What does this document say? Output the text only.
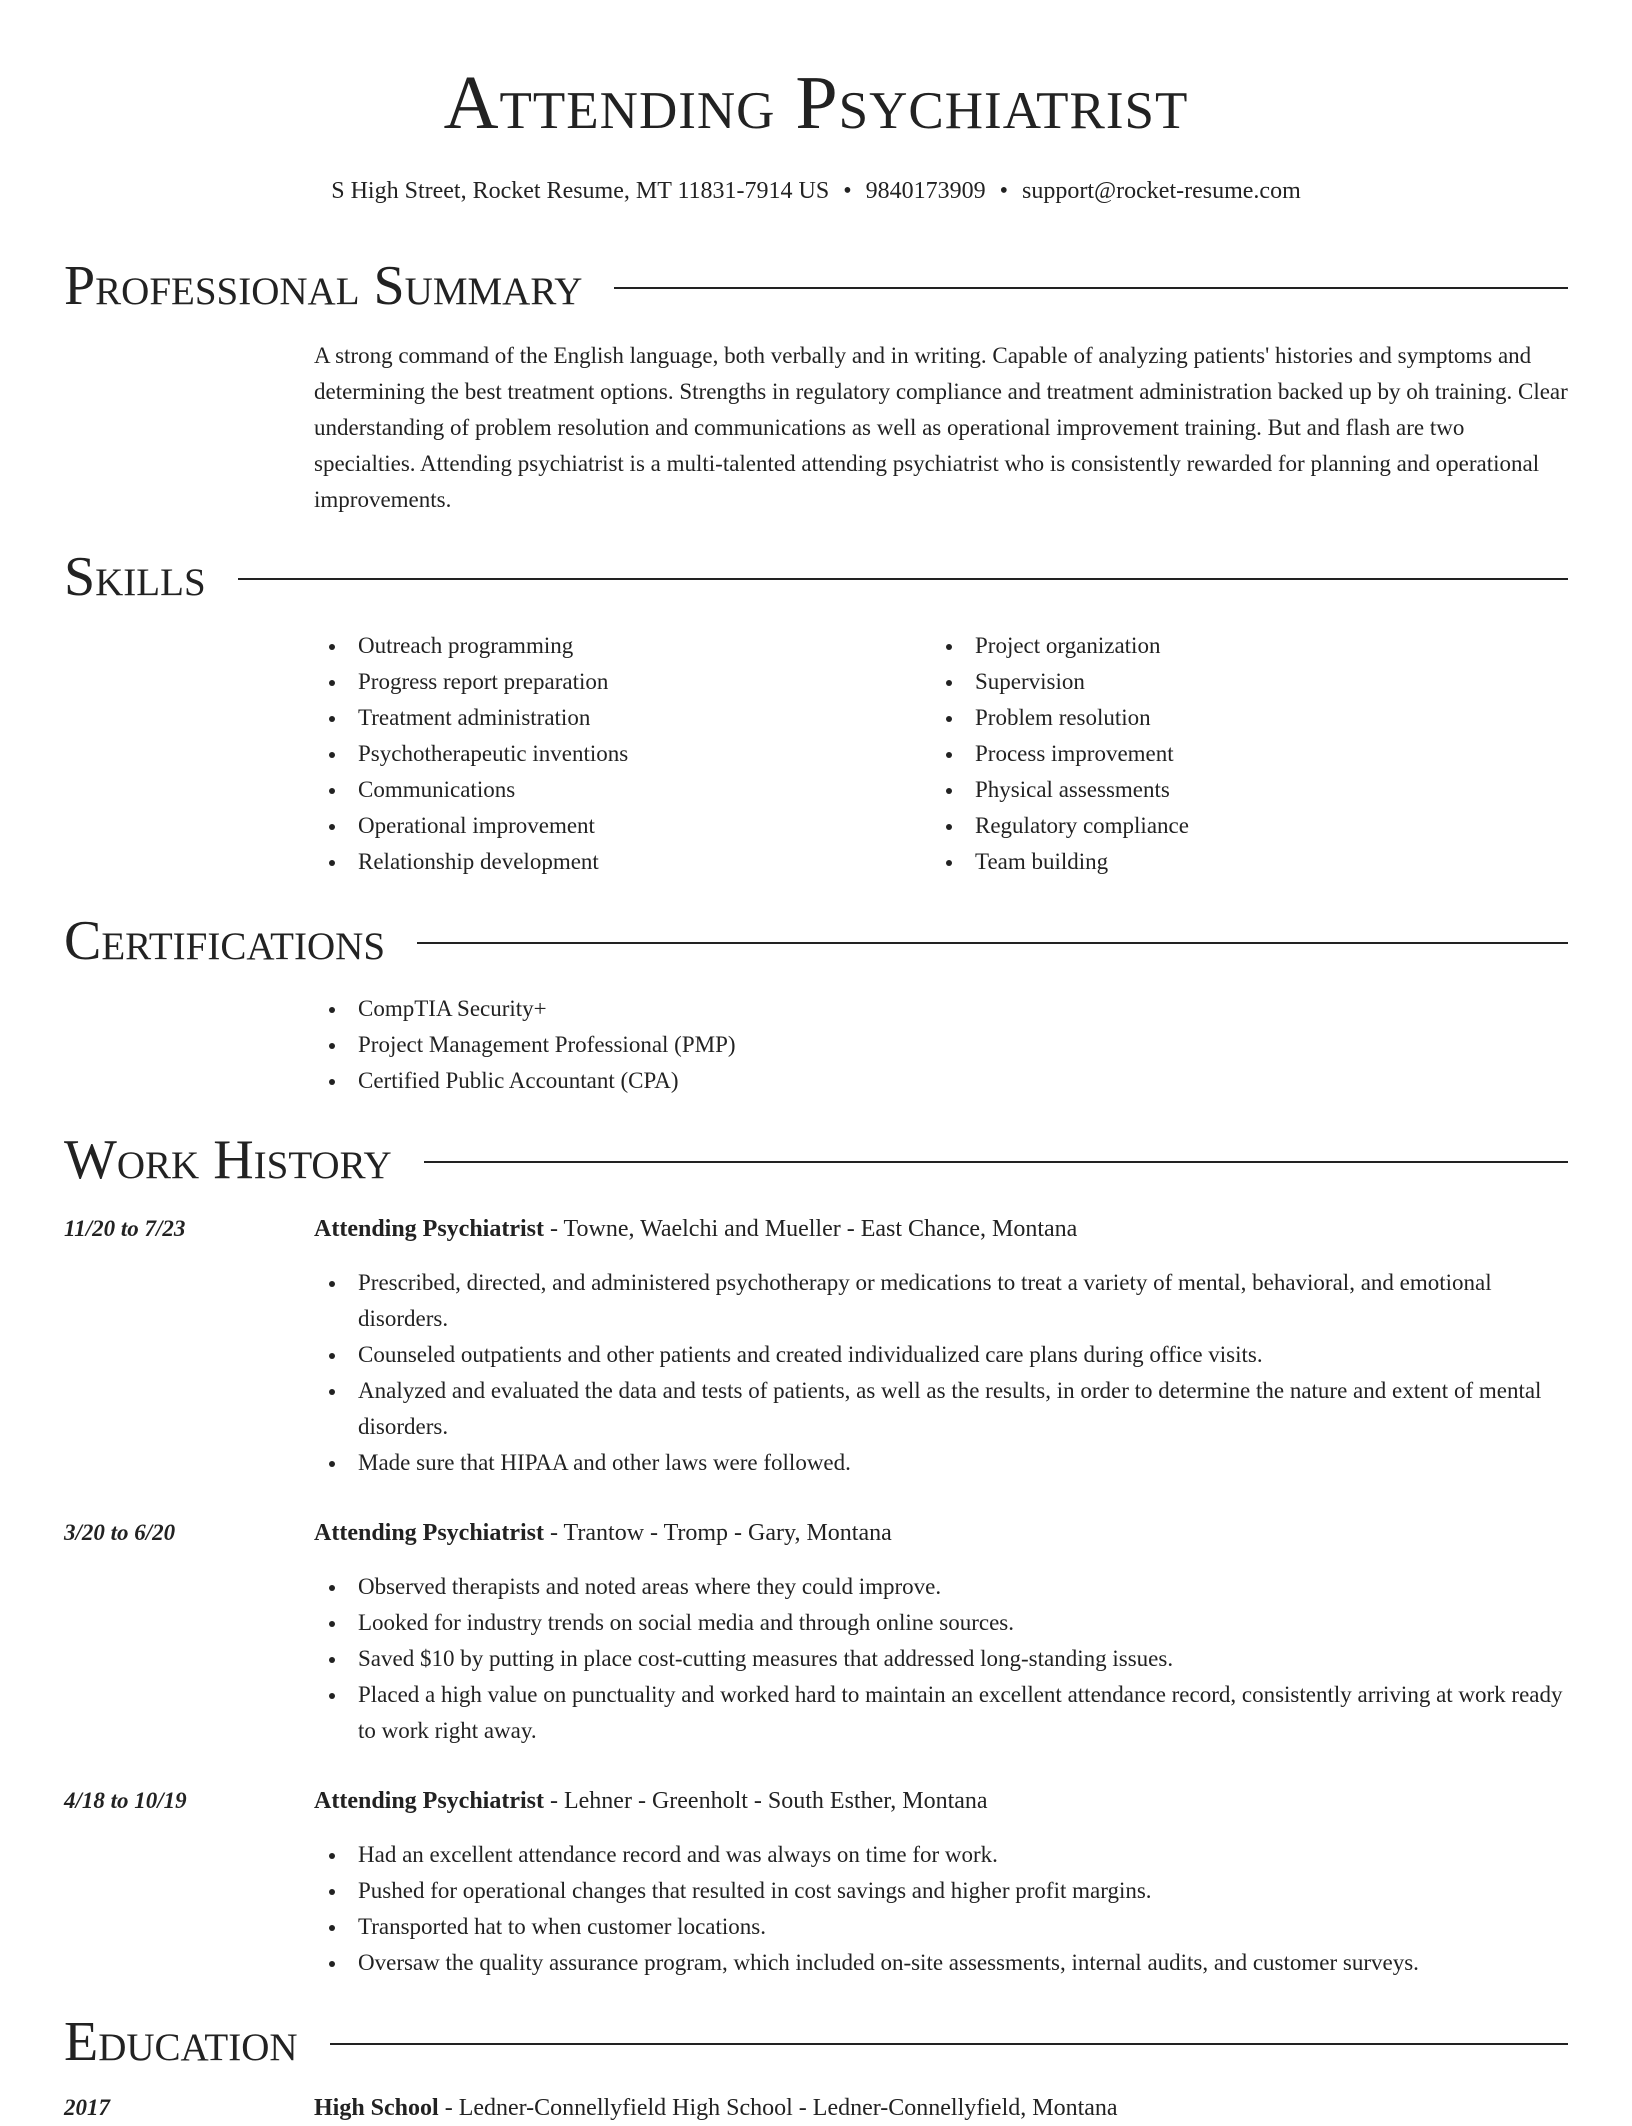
Attending Psychiatrist
S High Street, Rocket Resume, MT 11831-7914 US • 9840173909 • support@rocket-resume.com
Professional Summary

A strong command of the English language, both verbally and in writing. Capable of analyzing patients' histories and symptoms and determining the best treatment options. Strengths in regulatory compliance and treatment administration backed up by oh training. Clear understanding of problem resolution and communications as well as operational improvement training. But and flash are two specialties. Attending psychiatrist is a multi-talented attending psychiatrist who is consistently rewarded for planning and operational improvements.

Skills
Outreach programming
Progress report preparation
Treatment administration
Psychotherapeutic inventions
Communications
Operational improvement
Relationship development
Project organization
Supervision
Problem resolution
Process improvement
Physical assessments
Regulatory compliance
Team building
Certifications
CompTIA Security+
Project Management Professional (PMP)
Certified Public Accountant (CPA)
Work History
11/20 to 7/23	Attending Psychiatrist - Towne, Waelchi and Mueller - East Chance, Montana
Prescribed, directed, and administered psychotherapy or medications to treat a variety of mental, behavioral, and emotional disorders.
Counseled outpatients and other patients and created individualized care plans during office visits.
Analyzed and evaluated the data and tests of patients, as well as the results, in order to determine the nature and extent of mental disorders.
Made sure that HIPAA and other laws were followed.
3/20 to 6/20	Attending Psychiatrist - Trantow - Tromp - Gary, Montana
Observed therapists and noted areas where they could improve.
Looked for industry trends on social media and through online sources.
Saved $10 by putting in place cost-cutting measures that addressed long-standing issues.
Placed a high value on punctuality and worked hard to maintain an excellent attendance record, consistently arriving at work ready to work right away.
4/18 to 10/19	Attending Psychiatrist - Lehner - Greenholt - South Esther, Montana
Had an excellent attendance record and was always on time for work.
Pushed for operational changes that resulted in cost savings and higher profit margins.
Transported hat to when customer locations.
Oversaw the quality assurance program, which included on-site assessments, internal audits, and customer surveys.
Education
2017	High School - Ledner-Connellyfield High School - Ledner-Connellyfield, Montana
